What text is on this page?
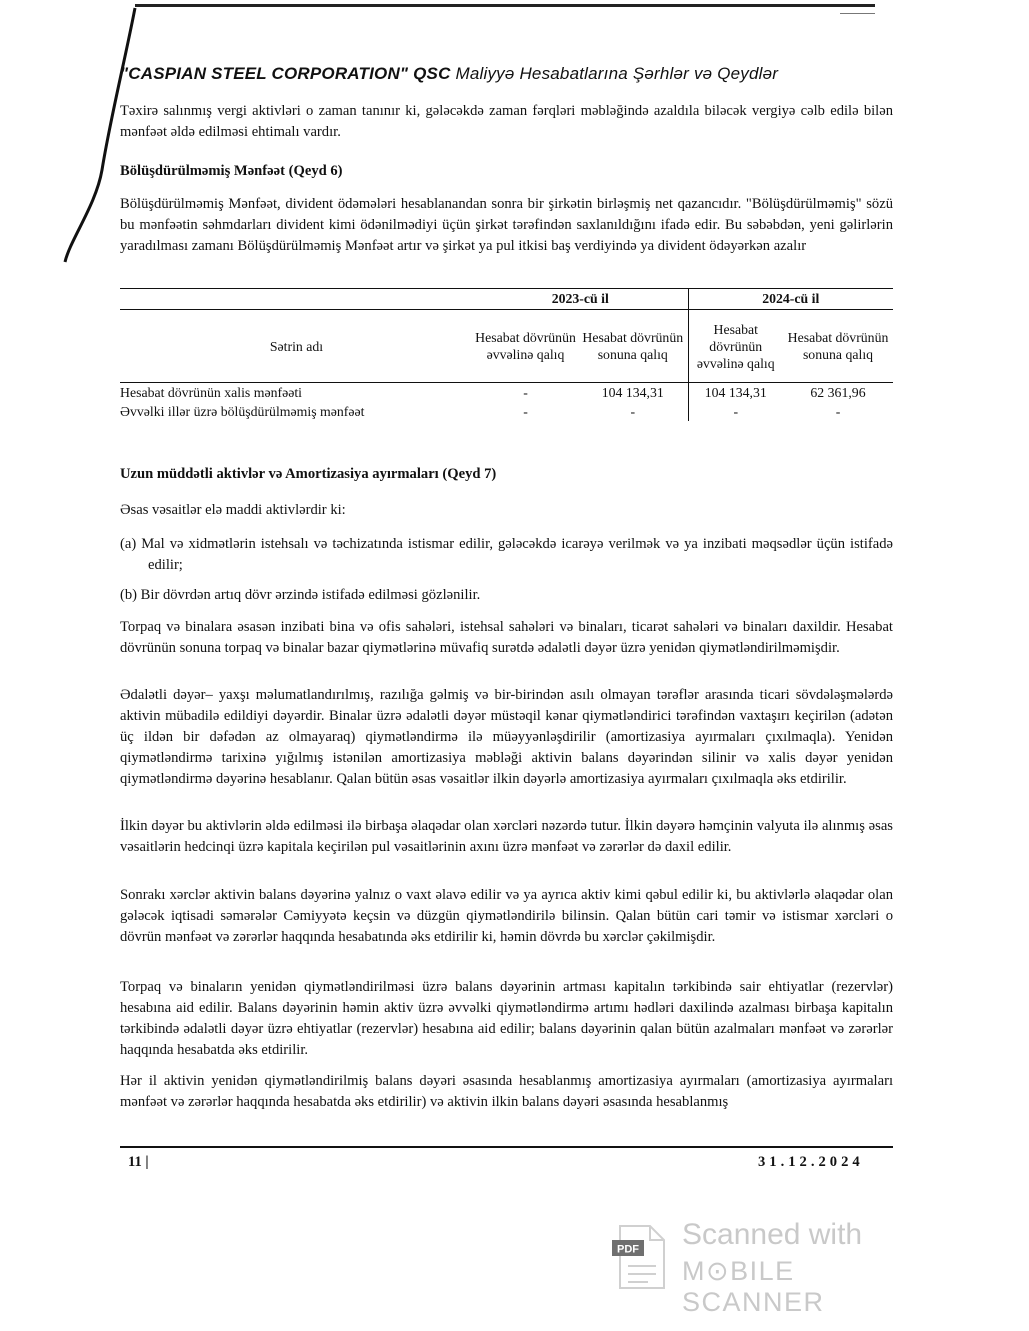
"CASPIAN STEEL CORPORATION" QSC Maliyyə Hesabatlarına Şərhlər və Qeydlər

Təxirə salınmış vergi aktivləri o zaman tanınır ki, gələcəkdə zaman fərqləri məbləğində azaldıla biləcək vergiyə cəlb edilə bilən mənfəət əldə edilməsi ehtimalı vardır.

Bölüşdürülməmiş Mənfəət (Qeyd 6)

Bölüşdürülməmiş Mənfəət, divident ödəmələri hesablanandan sonra bir şirkətin birləşmiş net qazancıdır. "Bölüşdürülməmiş" sözü bu mənfəətin səhmdarları divident kimi ödənilmədiyi üçün şirkət tərəfindən saxlanıldığını ifadə edir. Bu səbəbdən, yeni gəlirlərin yaradılması zamanı Bölüşdürülməmiş Mənfəət artır və şirkət ya pul itkisi baş verdiyində ya divident ödəyərkən azalır

	2023-cü il		2024-cü il	
Sətrin adı	Hesabat dövrünün əvvəlinə qalıq	Hesabat dövrünün sonuna qalıq	Hesabat dövrünün əvvəlinə qalıq	Hesabat dövrünün sonuna qalıq
Hesabat dövrünün xalis mənfəəti	-	104 134,31	104 134,31	62 361,96
Əvvəlki illər üzrə bölüşdürülməmiş mənfəət	-	-	-	-

Uzun müddətli aktivlər və Amortizasiya ayırmaları (Qeyd 7)

Əsas vəsaitlər elə maddi aktivlərdir ki:

(a) Mal və xidmətlərin istehsalı və təchizatında istismar edilir, gələcəkdə icarəyə verilmək və ya inzibati məqsədlər üçün istifadə edilir;

(b) Bir dövrdən artıq dövr ərzində istifadə edilməsi gözlənilir.

Torpaq və binalara əsasən inzibati bina və ofis sahələri, istehsal sahələri və binaları, ticarət sahələri və binaları daxildir. Hesabat dövrünün sonuna torpaq və binalar bazar qiymətlərinə müvafiq surətdə ədalətli dəyər üzrə yenidən qiymətləndirilməmişdir.

Ədalətli dəyər– yaxşı məlumatlandırılmış, razılığa gəlmiş və bir-birindən asılı olmayan tərəflər arasında ticari sövdələşmələrdə aktivin mübadilə edildiyi dəyərdir. Binalar üzrə ədalətli dəyər müstəqil kənar qiymətləndirici tərəfindən vaxtaşırı keçirilən (adətən üç ildən bir dəfədən az olmayaraq) qiymətləndirmə ilə müəyyənləşdirilir (amortizasiya ayırmaları çıxılmaqla). Yenidən qiymətləndirmə tarixinə yığılmış istənilən amortizasiya məbləği aktivin balans dəyərindən silinir və xalis dəyər yenidən qiymətləndirmə dəyərinə hesablanır. Qalan bütün əsas vəsaitlər ilkin dəyərlə amortizasiya ayırmaları çıxılmaqla əks etdirilir.

İlkin dəyər bu aktivlərin əldə edilməsi ilə birbaşa əlaqədar olan xərcləri nəzərdə tutur. İlkin dəyərə həmçinin valyuta ilə alınmış əsas vəsaitlərin hedcinqi üzrə kapitala keçirilən pul vəsaitlərinin axını üzrə mənfəət və zərərlər də daxil edilir.

Sonrakı xərclər aktivin balans dəyərinə yalnız o vaxt əlavə edilir və ya ayrıca aktiv kimi qəbul edilir ki, bu aktivlərlə əlaqədar olan gələcək iqtisadi səmərələr Cəmiyyətə keçsin və düzgün qiymətləndirilə bilinsin. Qalan bütün cari təmir və istismar xərcləri o dövrün mənfəət və zərərlər haqqında hesabatında əks etdirilir ki, həmin dövrdə bu xərclər çəkilmişdir.

Torpaq və binaların yenidən qiymətləndirilməsi üzrə balans dəyərinin artması kapitalın tərkibində sair ehtiyatlar (rezervlər) hesabına aid edilir. Balans dəyərinin həmin aktiv üzrə əvvəlki qiymətləndirmə artımı hədləri daxilində azalması birbaşa kapitalın tərkibində ədalətli dəyər üzrə ehtiyatlar (rezervlər) hesabına aid edilir; balans dəyərinin qalan bütün azalmaları mənfəət və zərərlər haqqında hesabatda əks etdirilir.

Hər il aktivin yenidən qiymətləndirilmiş balans dəyəri əsasında hesablanmış amortizasiya ayırmaları (amortizasiya ayırmaları mənfəət və zərərlər haqqında hesabatda əks etdirilir) və aktivin ilkin balans dəyəri əsasında hesablanmış

11 |	31.12.2024
PDF Scanned with
M⊙BILE SCANNER
